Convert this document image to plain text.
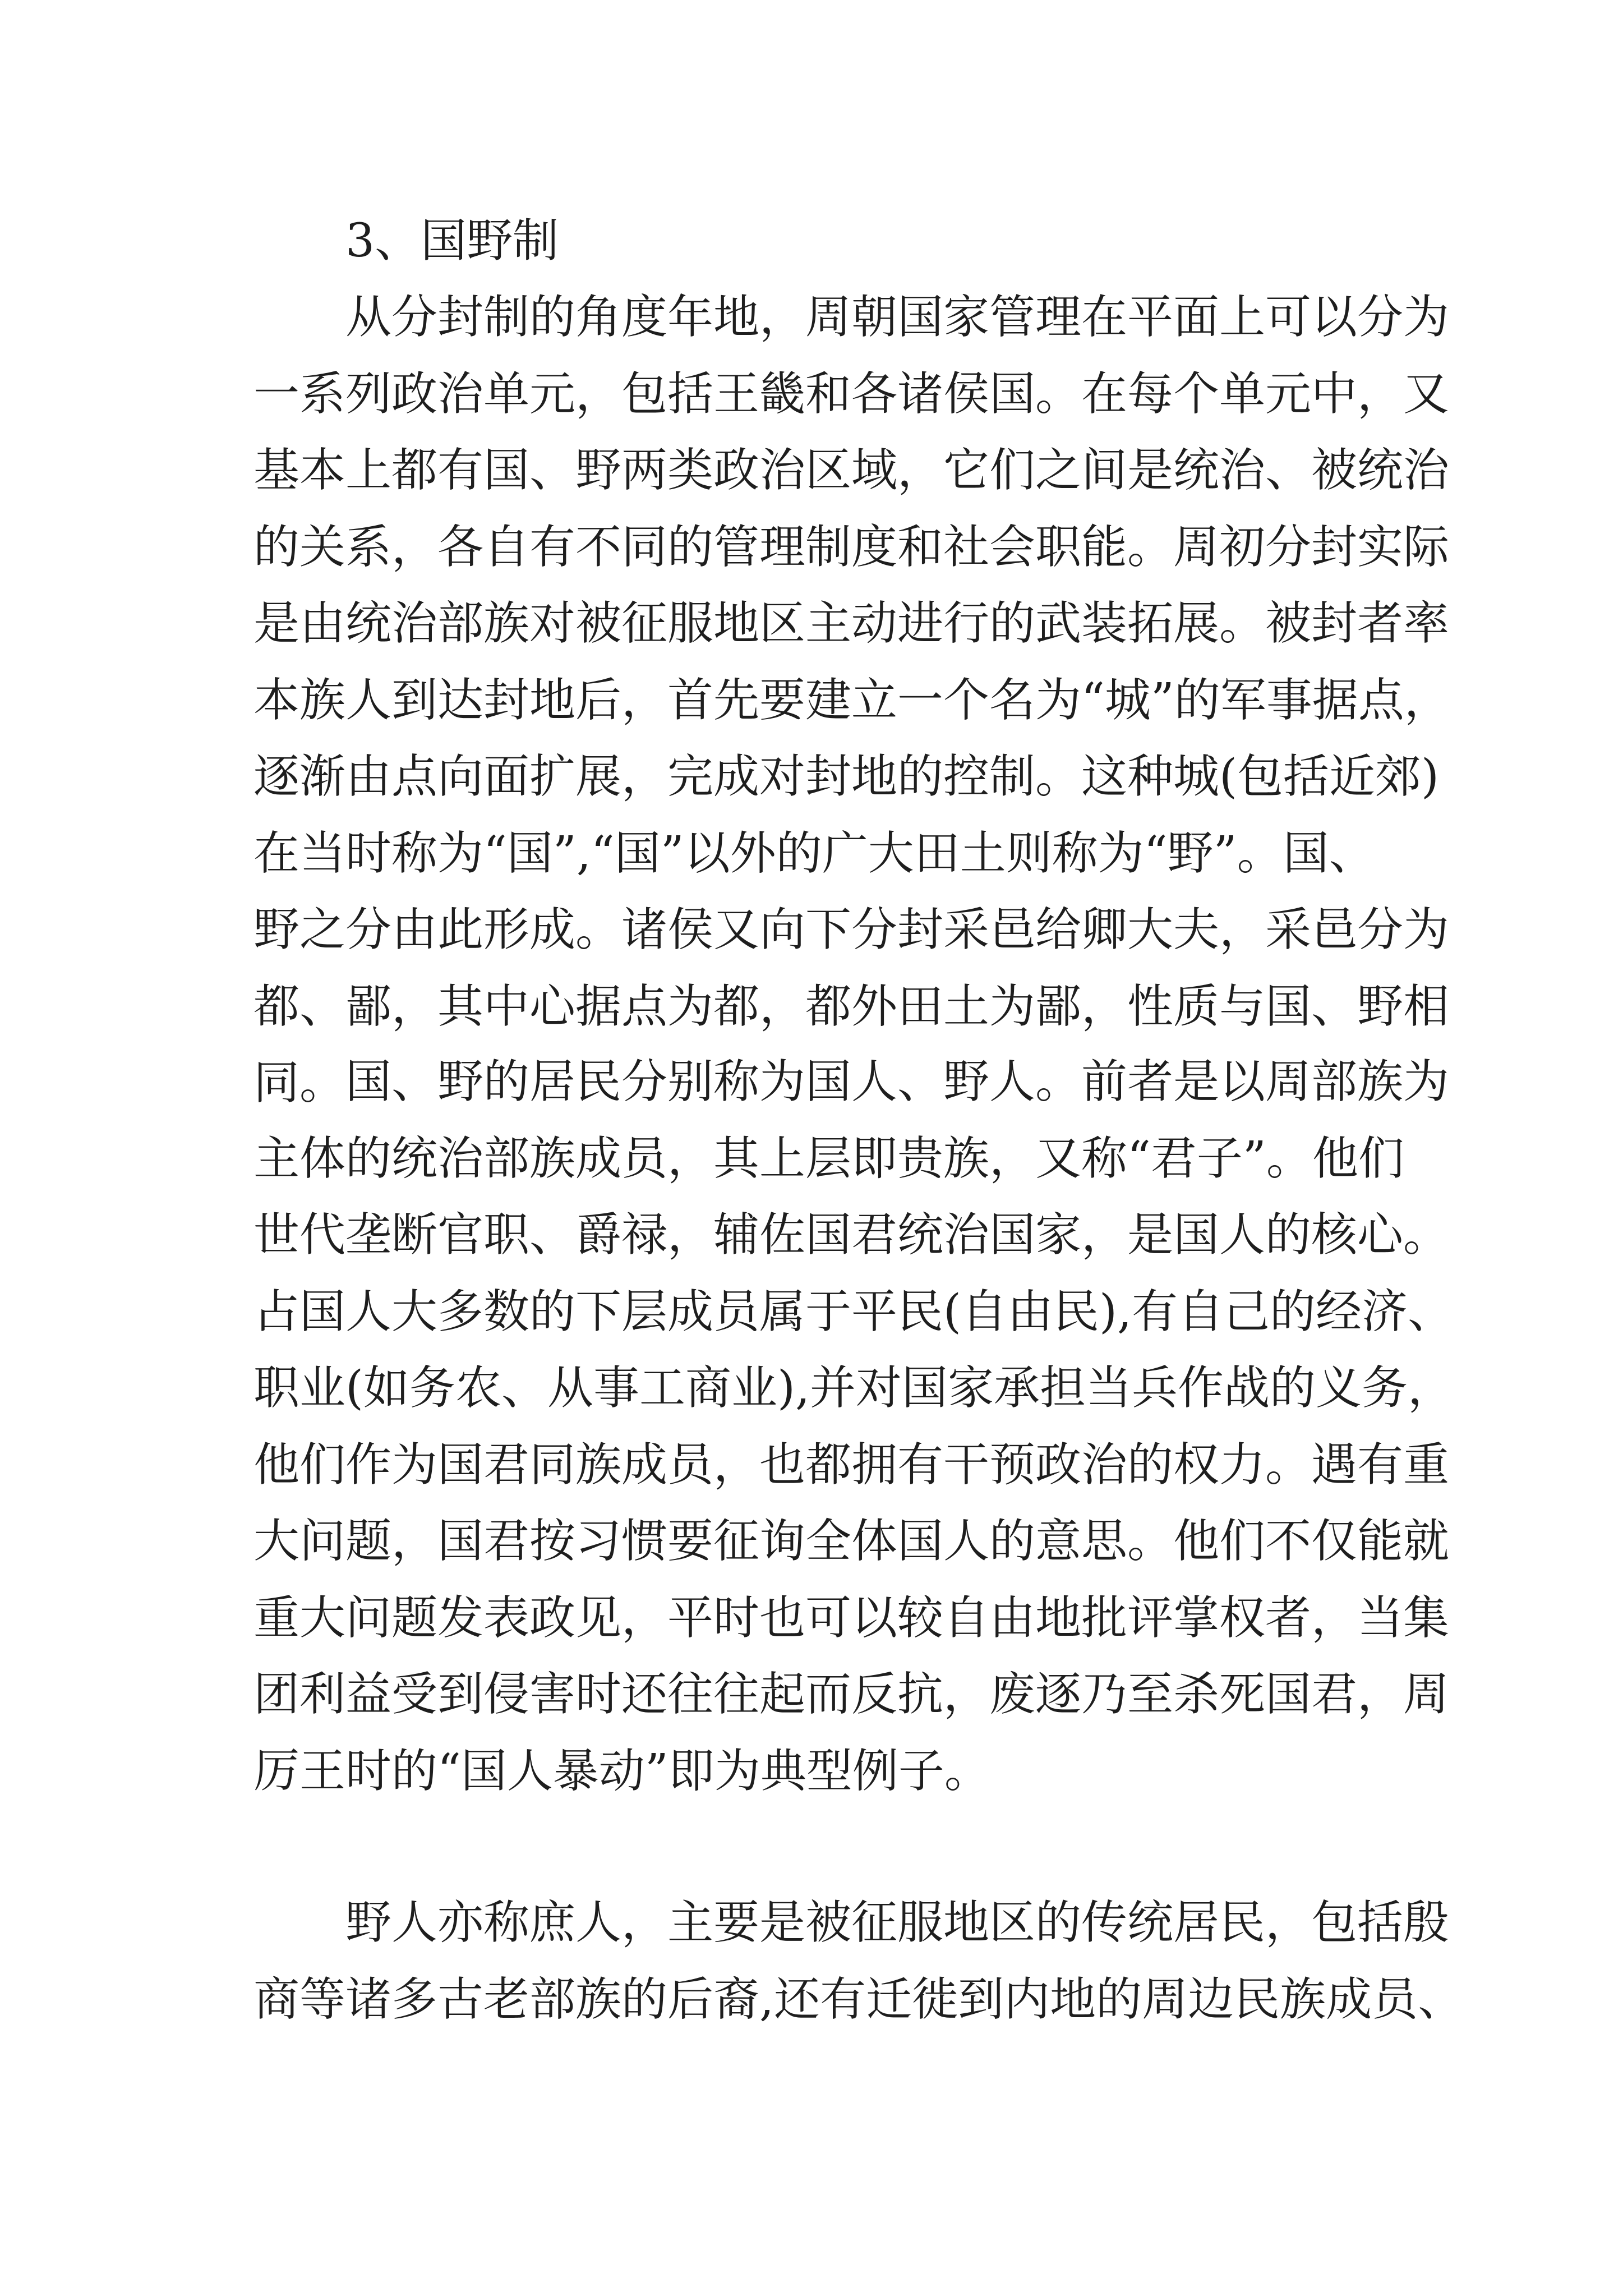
3、国野制
从分封制的角度年地，周朝国家管理在平面上可以分为
一系列政治单元，包括王畿和各诸侯国。在每个单元中，又
基本上都有国、野两类政治区域，它们之间是统治、被统治
的关系，各自有不同的管理制度和社会职能。周初分封实际
是由统治部族对被征服地区主动进行的武装拓展。被封者率
本族人到达封地后，首先要建立一个名为“城”的军事据点，
逐渐由点向面扩展，完成对封地的控制。这种城(包括近郊)
在当时称为“国”,“国”以外的广大田土则称为“野”。国、
野之分由此形成。诸侯又向下分封采邑给卿大夫，采邑分为
都、鄙，其中心据点为都，都外田土为鄙，性质与国、野相
同。 国、野的居民分别称为国人、野人。前者是以周部族为
主体的统治部族成员，其上层即贵族，又称“君子”。他们
世代垄断官职、爵禄，辅佐国君统治国家，是国人的核心。
占国人大多数的下层成员属于平民(自由民),有自己的经济、
职业(如务农、从事工商业),并对国家承担当兵作战的义务，
他们作为国君同族成员，也都拥有干预政治的权力。遇有重
大问题，国君按习惯要征询全体国人的意思。他们不仅能就
重大问题发表政见，平时也可以较自由地批评掌权者，当集
团利益受到侵害时还往往起而反抗，废逐乃至杀死国君，周
厉王时的“国人暴动”即为典型例子。
野人亦称庶人，主要是被征服地区的传统居民，包括殷
商等诸多古老部族的后裔,还有迁徙到内地的周边民族成员、
